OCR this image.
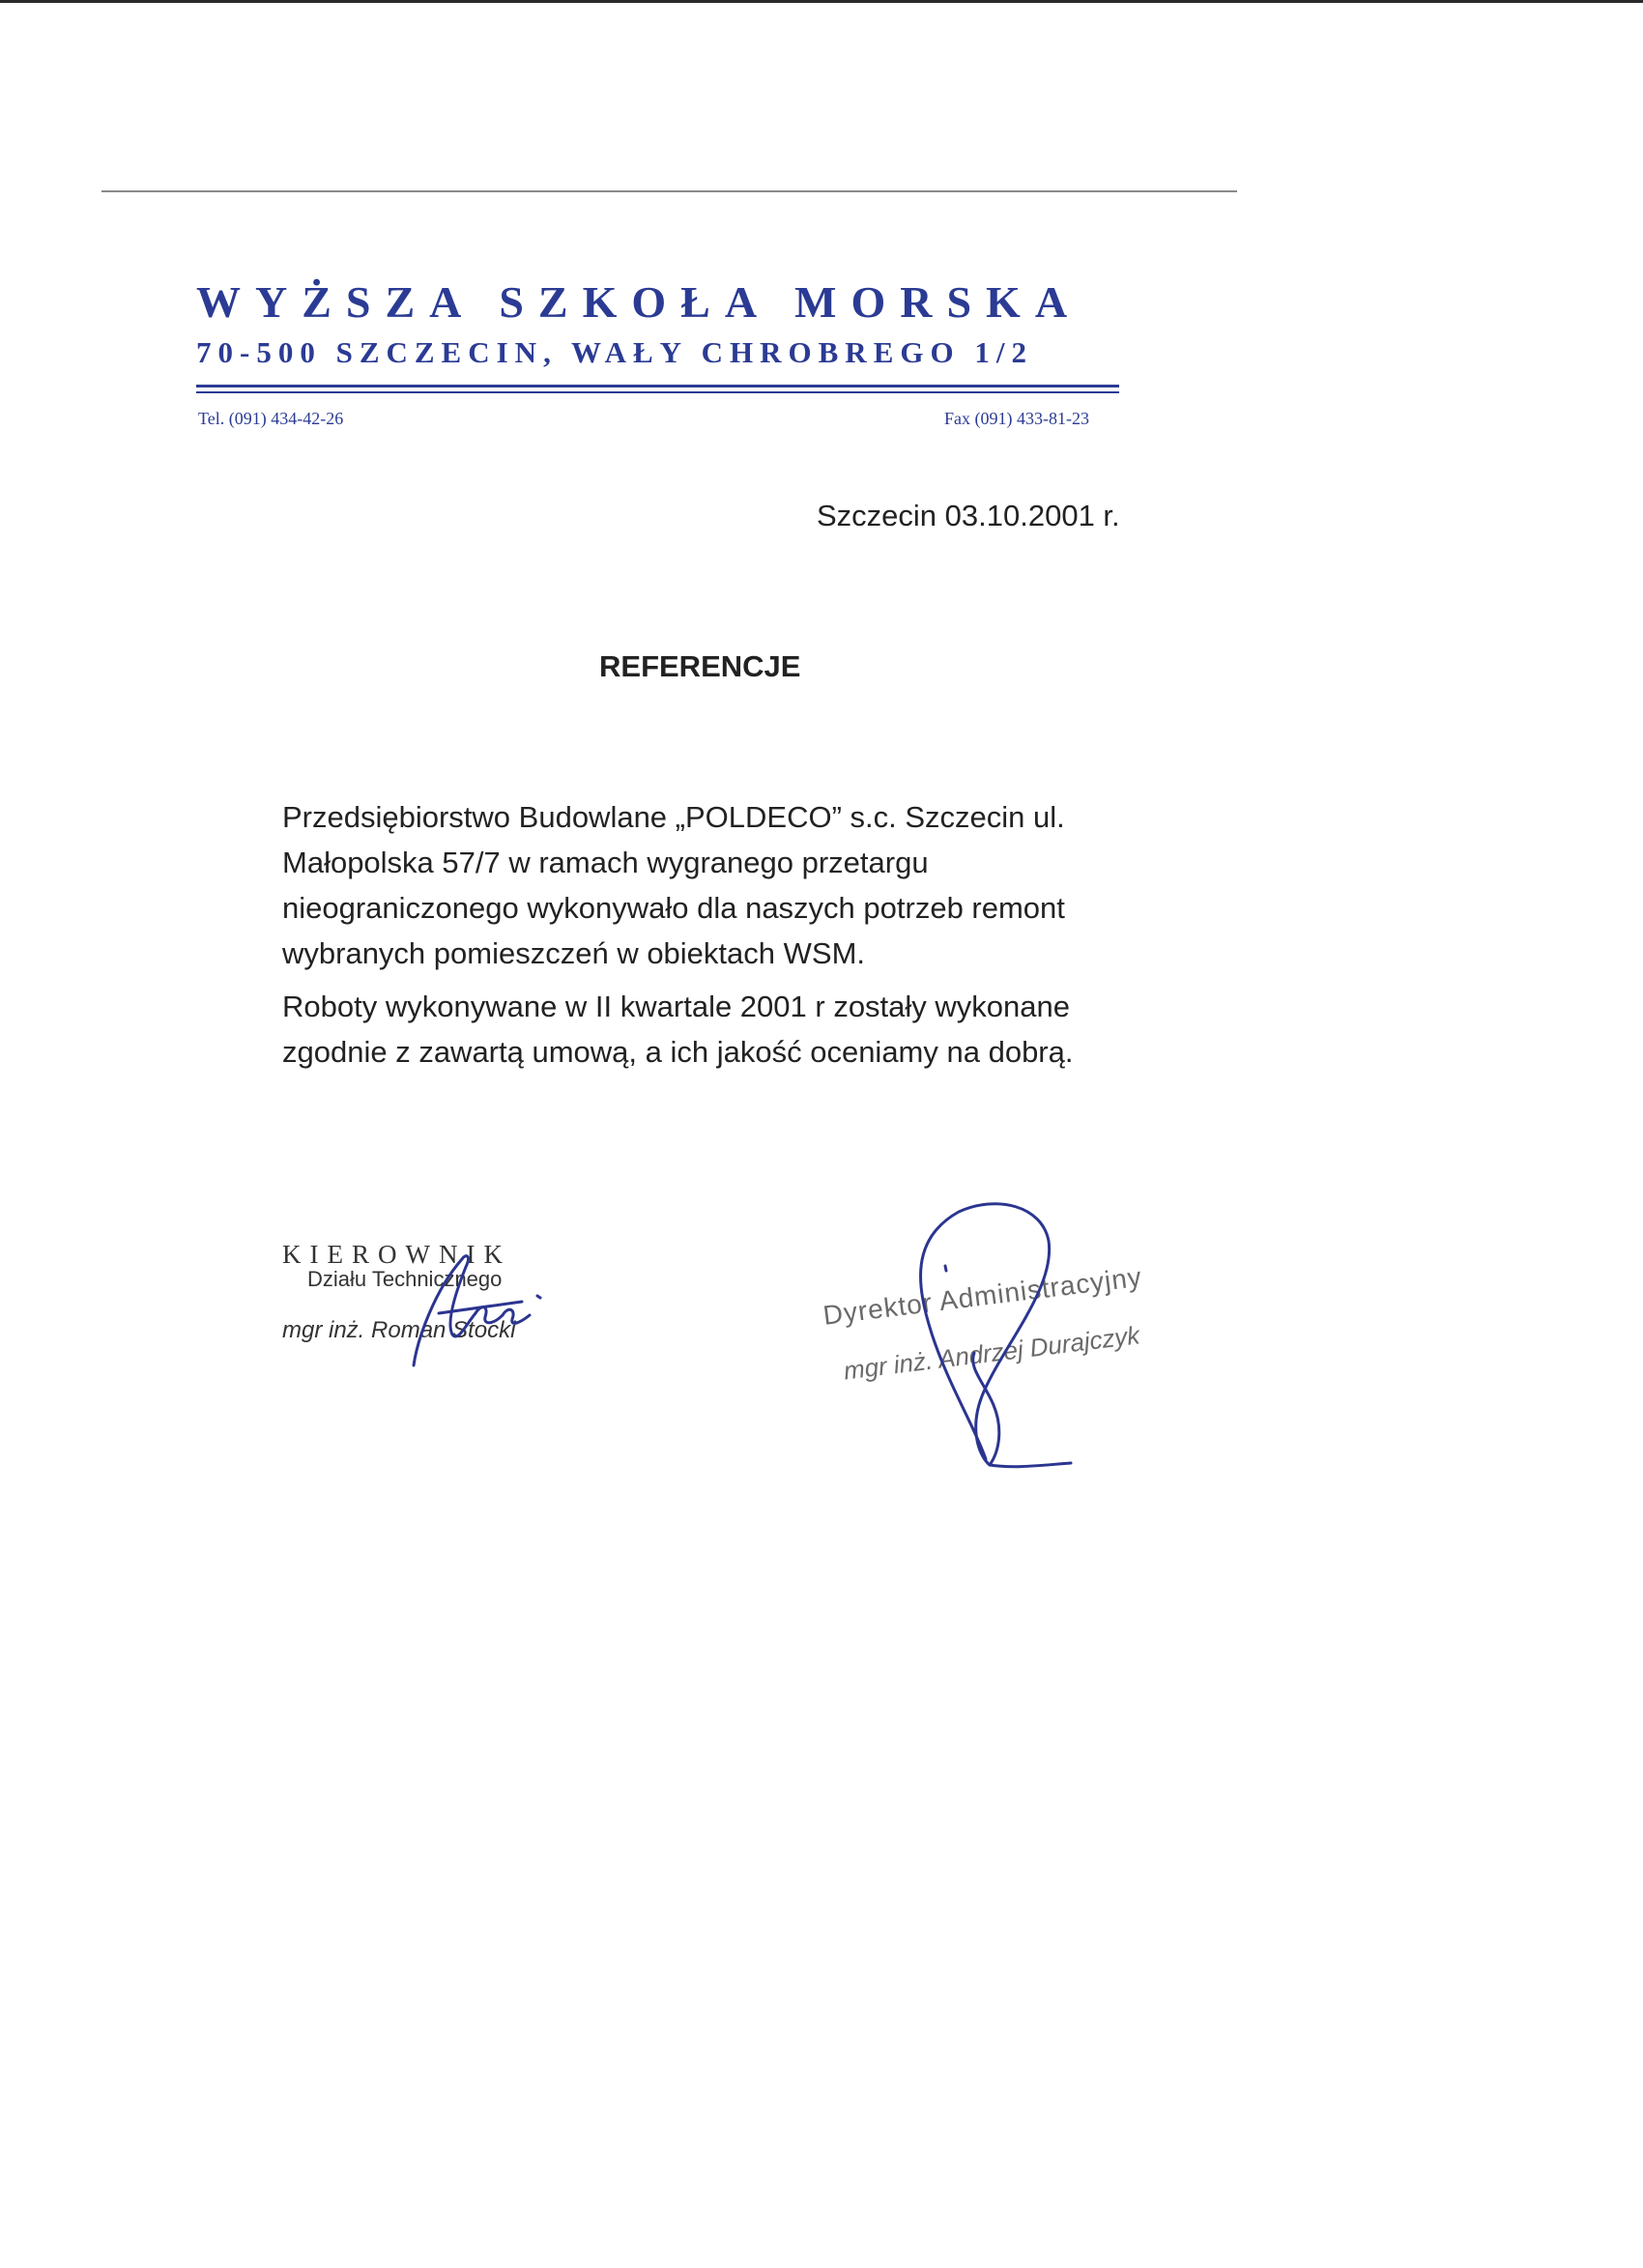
WYŻSZA SZKOŁA MORSKA
70-500 SZCZECIN, WAŁY CHROBREGO 1/2
Tel. (091) 434-42-26	Fax (091) 433-81-23
Szczecin 03.10.2001 r.
REFERENCJE

Przedsiębiorstwo Budowlane „POLDECO” s.c. Szczecin ul.

Małopolska 57/7 w ramach wygranego przetargu

nieograniczonego wykonywało dla naszych potrzeb remont

wybranych pomieszczeń w obiektach WSM.

Roboty wykonywane w II kwartale 2001 r zostały wykonane

zgodnie z zawartą umową, a ich jakość oceniamy na dobrą.

KIEROWNIK
Działu Technicznego
mgr inż. Roman Stocki	Dyrektor Administracyjny
mgr inż. Andrzej Durajczyk
